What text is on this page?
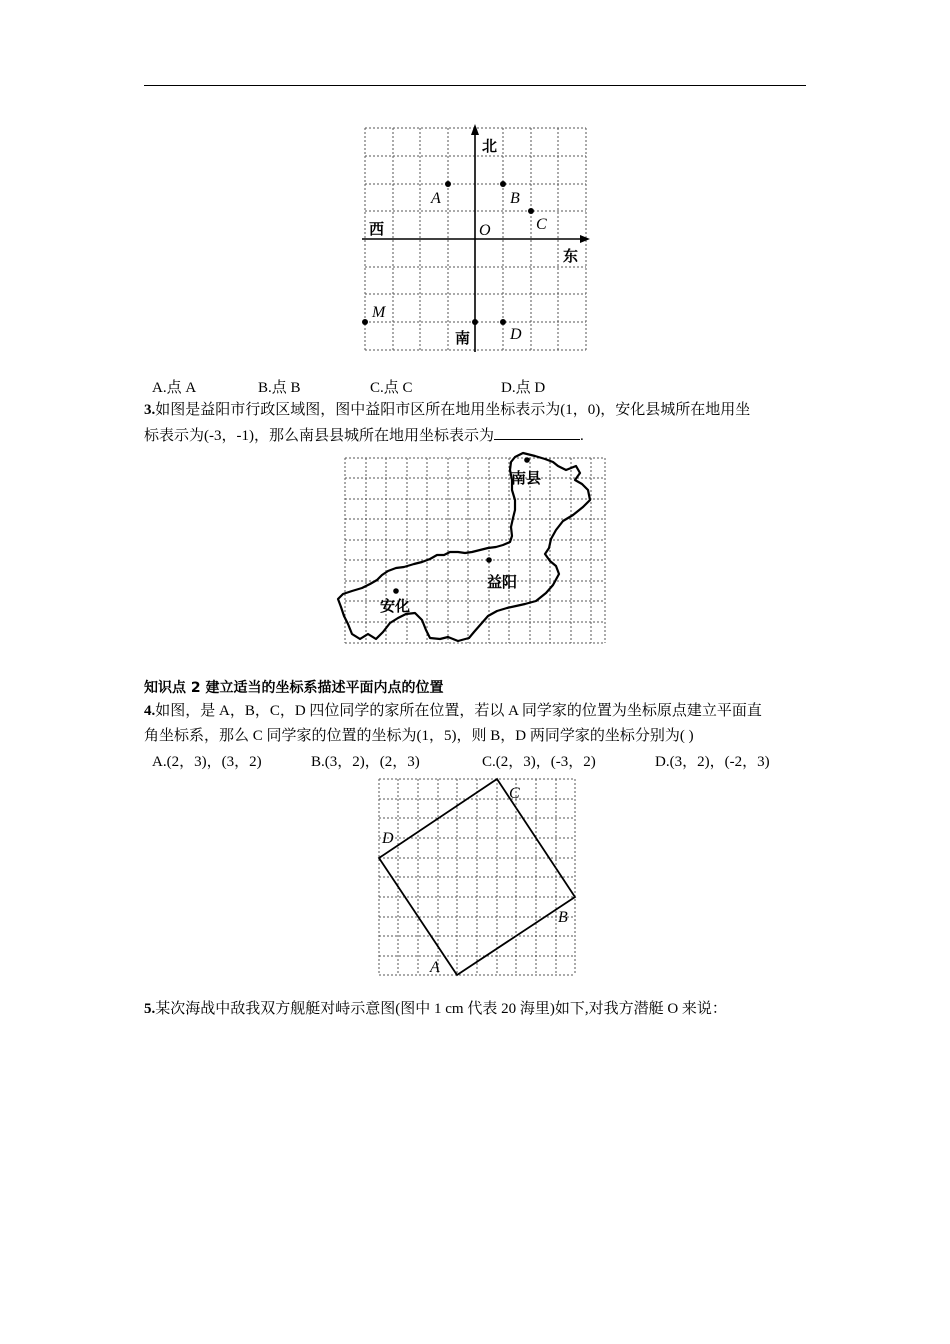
北
西
东
南
O
A	B
C
D
M
A.点 A	B.点 B	C.点 C	D.点 D
3.如图是益阳市行政区域图，图中益阳市区所在地用坐标表示为(1，0)，安化县城所在地用坐
标表示为(-3，-1)，那么南县县城所在地用坐标表示为	.
南县
益阳
安化
知识点 2 建立适当的坐标系描述平面内点的位置
4.如图，是 A，B，C，D 四位同学的家所在位置，若以 A 同学家的位置为坐标原点建立平面直
角坐标系，那么 C 同学家的位置的坐标为(1，5)，则 B，D 两同学家的坐标分别为( )
A.(2，3)，(3，2)	B.(3，2)，(2，3)	C.(2，3)，(-3，2)	D.(3，2)，(-2，3)
A
B
C
D
5.某次海战中敌我双方舰艇对峙示意图(图中 1 cm 代表 20 海里)如下,对我方潜艇 O 来说：
